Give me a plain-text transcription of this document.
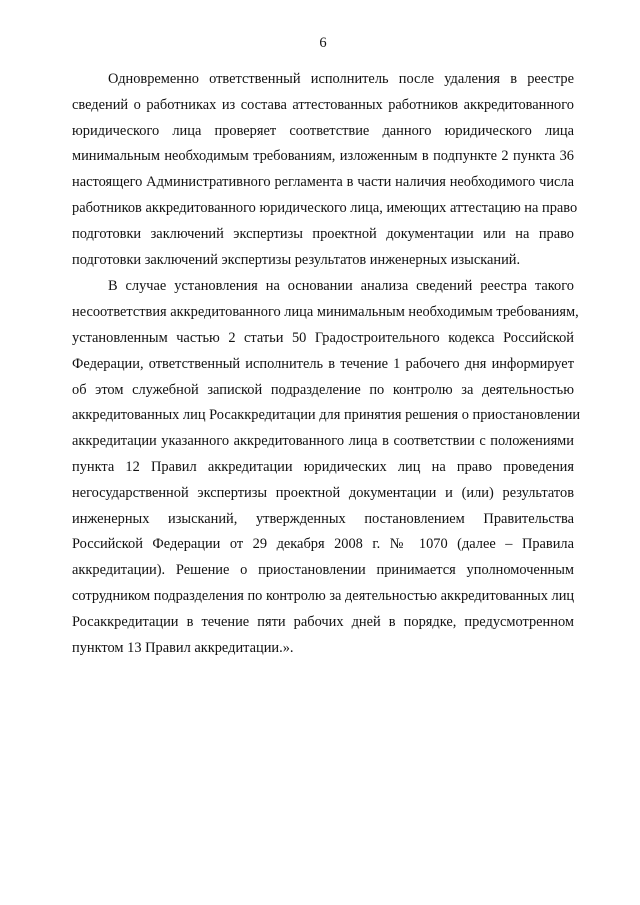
6

Одновременно ответственный исполнитель после удаления в реестре
сведений о работниках из состава аттестованных работников аккредитованного
юридического лица проверяет соответствие данного юридического лица
минимальным необходимым требованиям, изложенным в подпункте 2 пункта 36
настоящего Административного регламента в части наличия необходимого числа
работников аккредитованного юридического лица, имеющих аттестацию на право
подготовки заключений экспертизы проектной документации или на право
подготовки заключений экспертизы результатов инженерных изысканий.

В случае установления на основании анализа сведений реестра такого
несоответствия аккредитованного лица минимальным необходимым требованиям,
установленным частью 2 статьи 50 Градостроительного кодекса Российской
Федерации, ответственный исполнитель в течение 1 рабочего дня информирует
об этом служебной запиской подразделение по контролю за деятельностью
аккредитованных лиц Росаккредитации для принятия решения о приостановлении
аккредитации указанного аккредитованного лица в соответствии с положениями
пункта 12 Правил аккредитации юридических лиц на право проведения
негосударственной экспертизы проектной документации и (или) результатов
инженерных изысканий, утвержденных постановлением Правительства
Российской Федерации от 29 декабря 2008 г. № 1070 (далее – Правила
аккредитации). Решение о приостановлении принимается уполномоченным
сотрудником подразделения по контролю за деятельностью аккредитованных лиц
Росаккредитации в течение пяти рабочих дней в порядке, предусмотренном
пунктом 13 Правил аккредитации.».
